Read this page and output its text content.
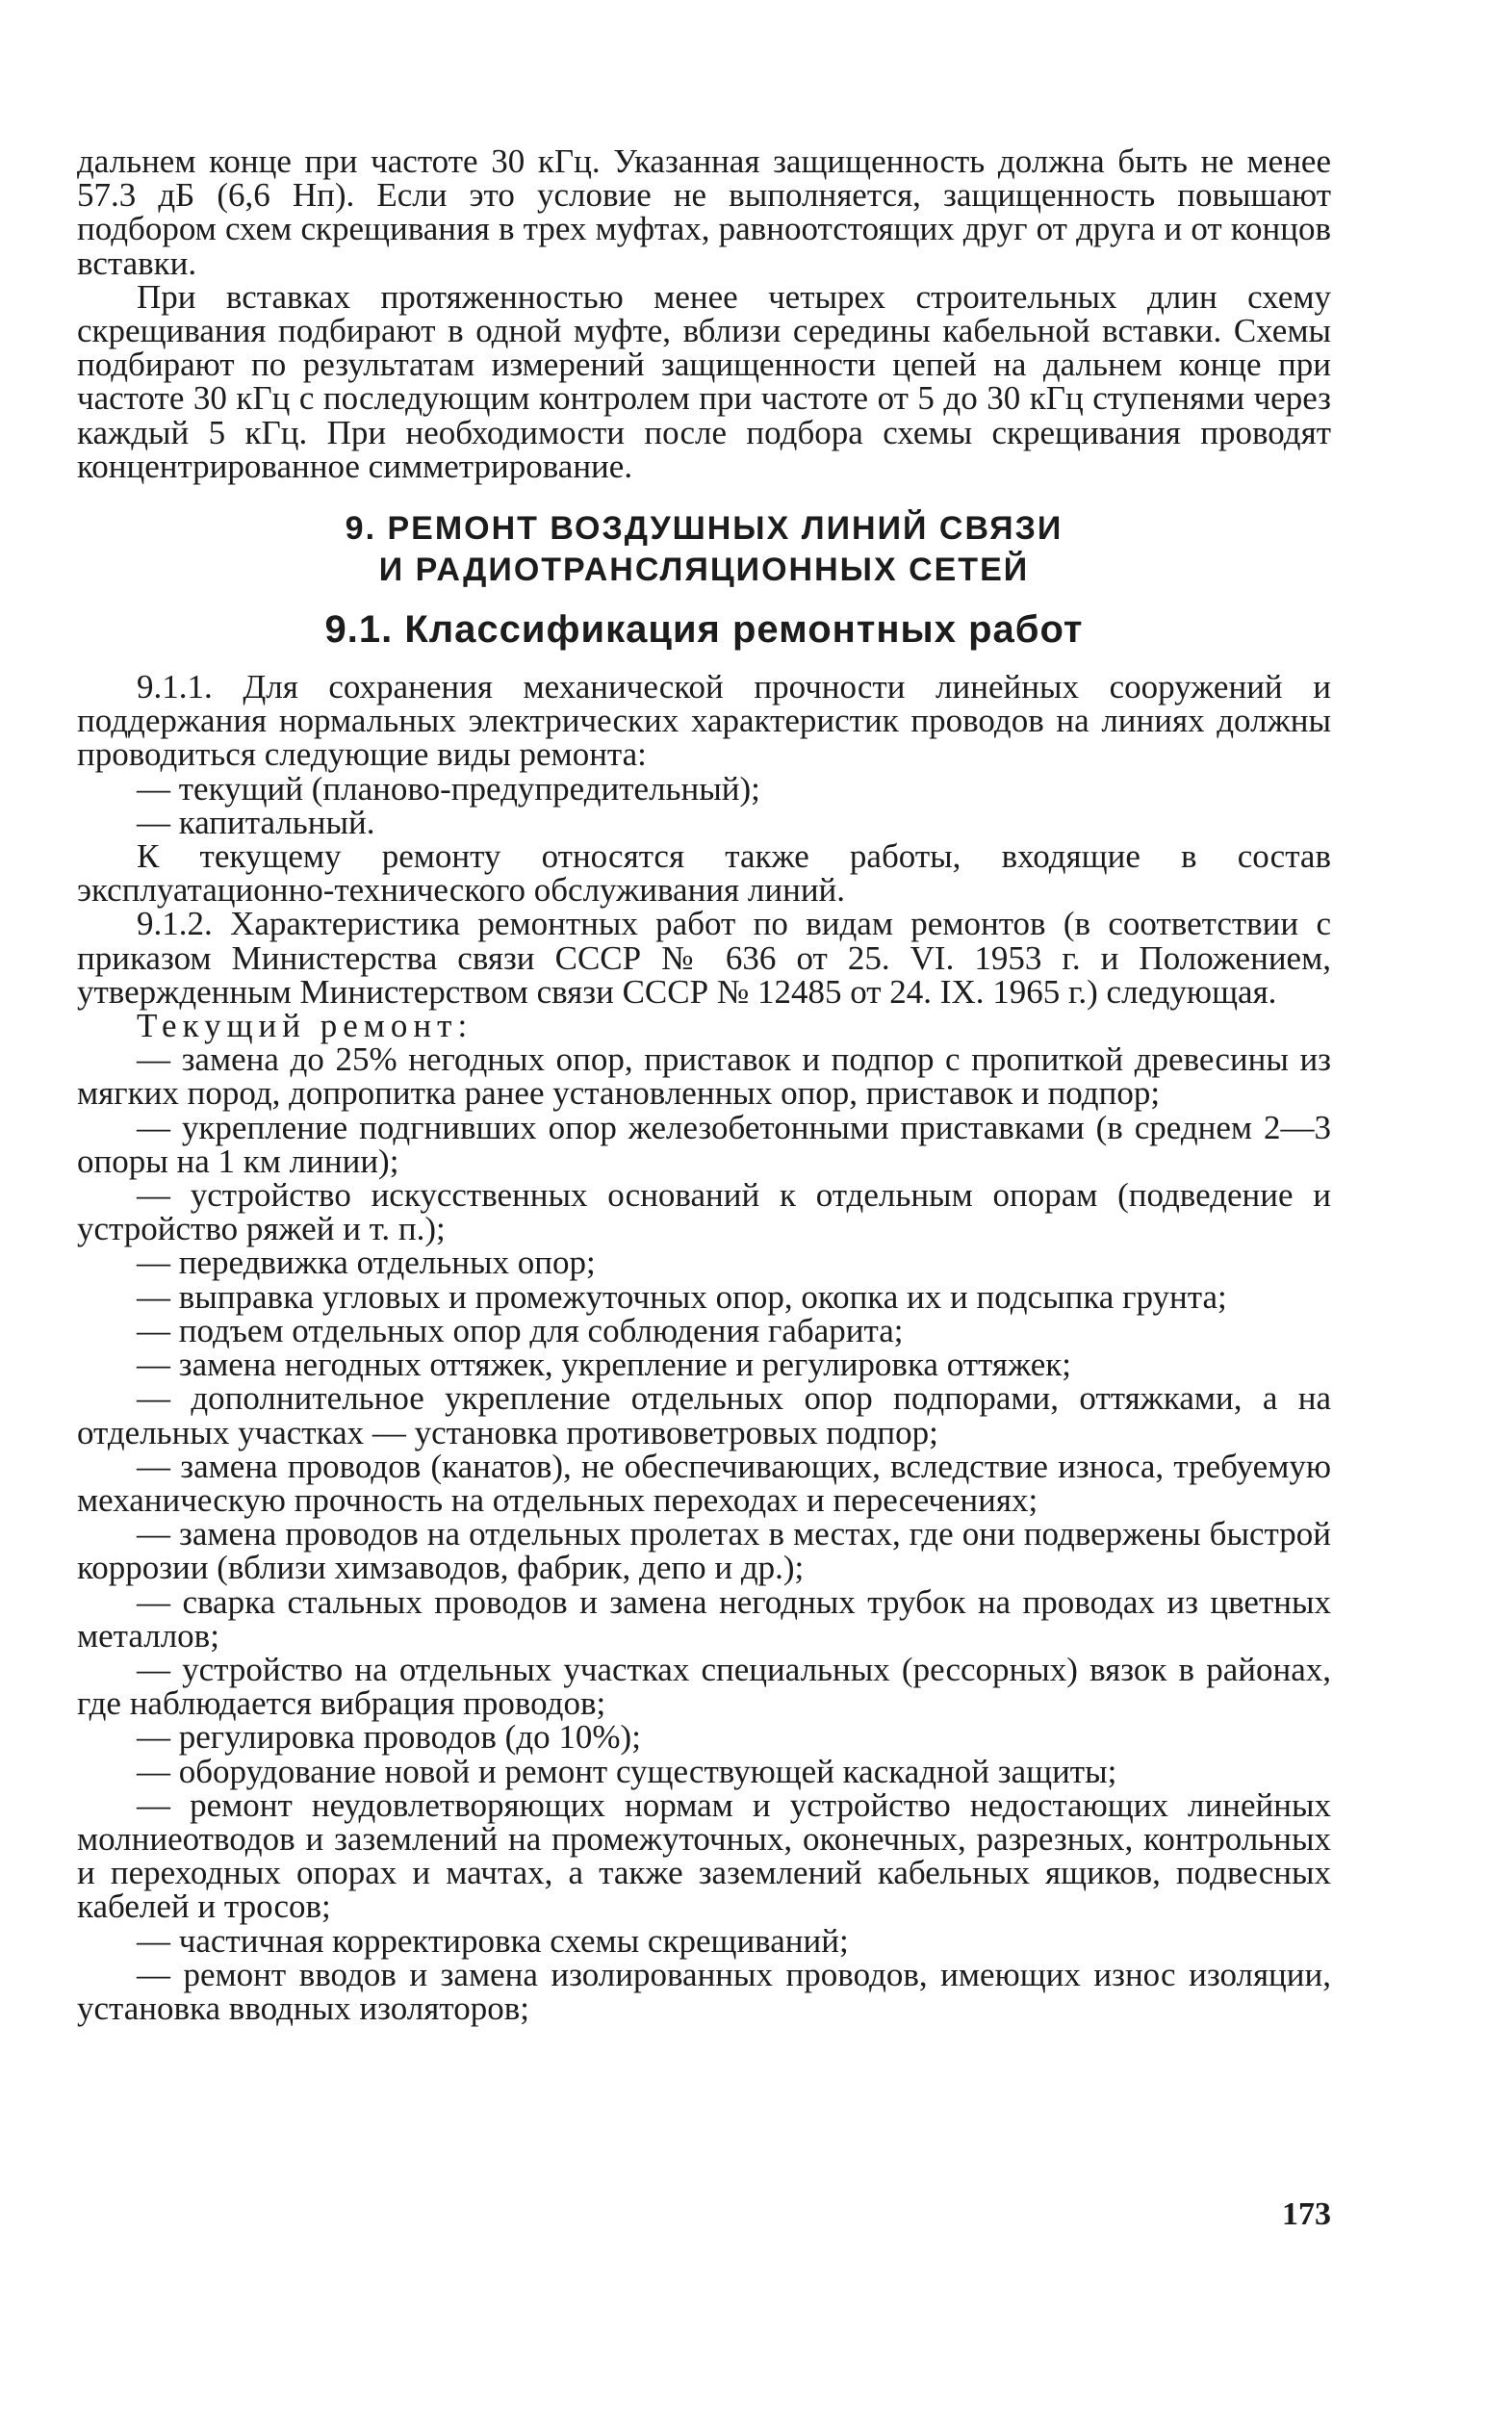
дальнем конце при частоте 30 кГц. Указанная защищенность должна быть не менее 57.3 дБ (6,6 Нп). Если это условие не выполняется, защищенность повышают подбором схем скрещивания в трех муфтах, равноотстоящих друг от друга и от концов вставки.

При вставках протяженностью менее четырех строительных длин схему скрещивания подбирают в одной муфте, вблизи середины кабельной вставки. Схемы подбирают по результатам измерений защищенности цепей на дальнем конце при частоте 30 кГц с последующим контролем при частоте от 5 до 30 кГц ступенями через каждый 5 кГц. При необходимости после подбора схемы скрещивания проводят концентрированное симметрирование.

9. РЕМОНТ ВОЗДУШНЫХ ЛИНИЙ СВЯЗИ
И РАДИОТРАНСЛЯЦИОННЫХ СЕТЕЙ
9.1. Классификация ремонтных работ

9.1.1. Для сохранения механической прочности линейных сооружений и поддержания нормальных электрических характеристик проводов на линиях должны проводиться следующие виды ремонта:

— текущий (планово-предупредительный);

— капитальный.

К текущему ремонту относятся также работы, входящие в состав эксплуатационно-технического обслуживания линий.

9.1.2. Характеристика ремонтных работ по видам ремонтов (в соответствии с приказом Министерства связи СССР № 636 от 25. VI. 1953 г. и Положением, утвержденным Министерством связи СССР № 12485 от 24. IX. 1965 г.) следующая.

Текущий ремонт:

— замена до 25% негодных опор, приставок и подпор с пропиткой древесины из мягких пород, допропитка ранее установленных опор, приставок и подпор;

— укрепление подгнивших опор железобетонными приставками (в среднем 2—3 опоры на 1 км линии);

— устройство искусственных оснований к отдельным опорам (подведение и устройство ряжей и т. п.);

— передвижка отдельных опор;

— выправка угловых и промежуточных опор, окопка их и подсыпка грунта;

— подъем отдельных опор для соблюдения габарита;

— замена негодных оттяжек, укрепление и регулировка оттяжек;

— дополнительное укрепление отдельных опор подпорами, оттяжками, а на отдельных участках — установка противоветровых подпор;

— замена проводов (канатов), не обеспечивающих, вследствие износа, требуемую механическую прочность на отдельных переходах и пересечениях;

— замена проводов на отдельных пролетах в местах, где они подвержены быстрой коррозии (вблизи химзаводов, фабрик, депо и др.);

— сварка стальных проводов и замена негодных трубок на проводах из цветных металлов;

— устройство на отдельных участках специальных (рессорных) вязок в районах, где наблюдается вибрация проводов;

— регулировка проводов (до 10%);

— оборудование новой и ремонт существующей каскадной защиты;

— ремонт неудовлетворяющих нормам и устройство недостающих линейных молниеотводов и заземлений на промежуточных, оконечных, разрезных, контрольных и переходных опорах и мачтах, а также заземлений кабельных ящиков, подвесных кабелей и тросов;

— частичная корректировка схемы скрещиваний;

— ремонт вводов и замена изолированных проводов, имеющих износ изоляции, установка вводных изоляторов;

173
